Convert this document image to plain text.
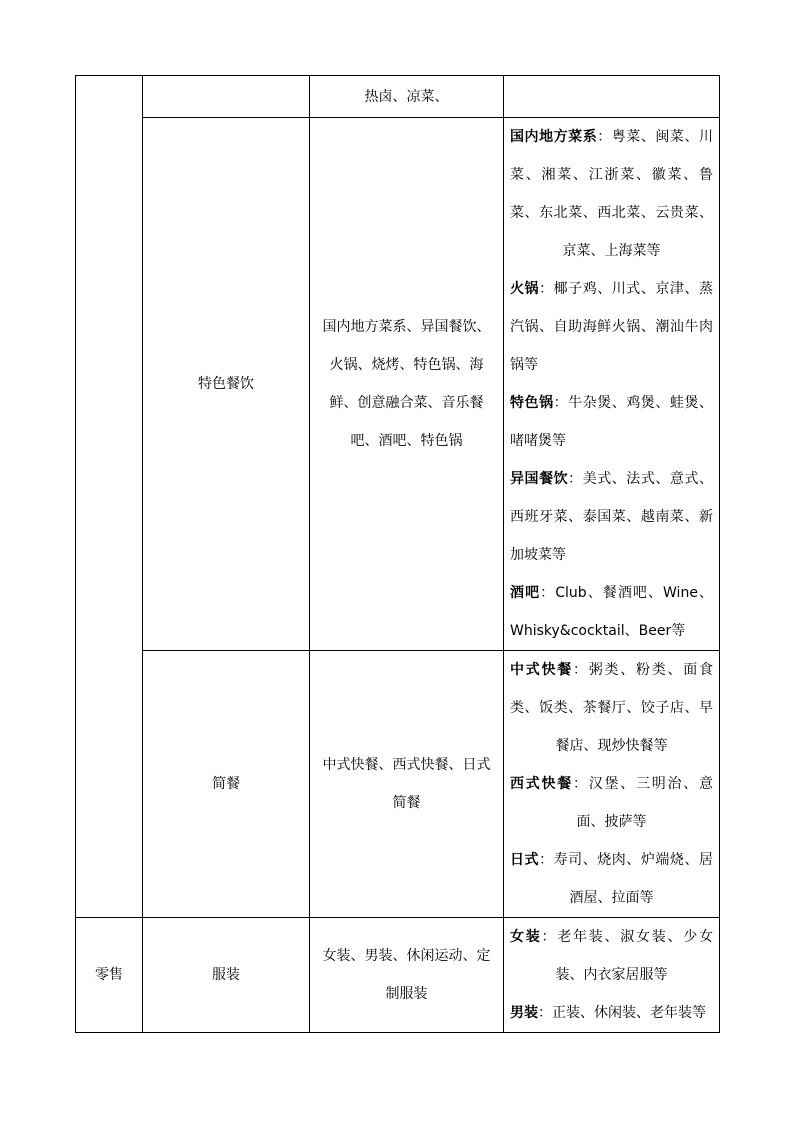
		热卤、凉菜、	
	特色餐饮	国内地方菜系、异国餐饮、火锅、烧烤、特色锅、海鲜、创意融合菜、音乐餐吧、酒吧、特色锅	国内地方菜系：粤菜、闽菜、川菜、湘菜、江浙菜、徽菜、鲁菜、东北菜、西北菜、云贵菜、京菜、上海菜等
火锅：椰子鸡、川式、京津、蒸汽锅、自助海鲜火锅、潮汕牛肉锅等
特色锅：牛杂煲、鸡煲、蛙煲、啫啫煲等
异国餐饮：美式、法式、意式、西班牙菜、泰国菜、越南菜、新加坡菜等
酒吧：Club、餐酒吧、Wine、Whisky&cocktail、Beer等

	简餐	中式快餐、西式快餐、日式简餐	中式快餐：粥类、粉类、面食类、饭类、茶餐厅、饺子店、早餐店、现炒快餐等
西式快餐：汉堡、三明治、意面、披萨等
日式：寿司、烧肉、炉端烧、居酒屋、拉面等

零售	服装	女装、男装、休闲运动、定制服装	女装：老年装、淑女装、少女装、内衣家居服等
男装：正装、休闲装、老年装等
